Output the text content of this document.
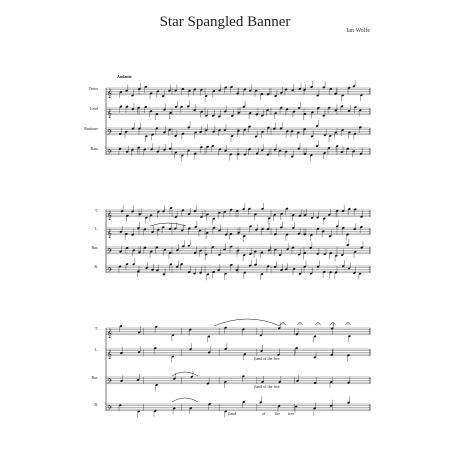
Star Spangled Banner
Ian Wolfe
Andante
Tenor
Lead
Baritone
Bass
T.
L.
Bar.
B.
T.
L.
Bar.
B.
(land of the free
(land of the free
(land	of the free	)
𝄞
𝄞
𝄢
𝄢
𝄞
𝄞
𝄢
𝄢
𝄞
𝄞
𝄢
𝄢
